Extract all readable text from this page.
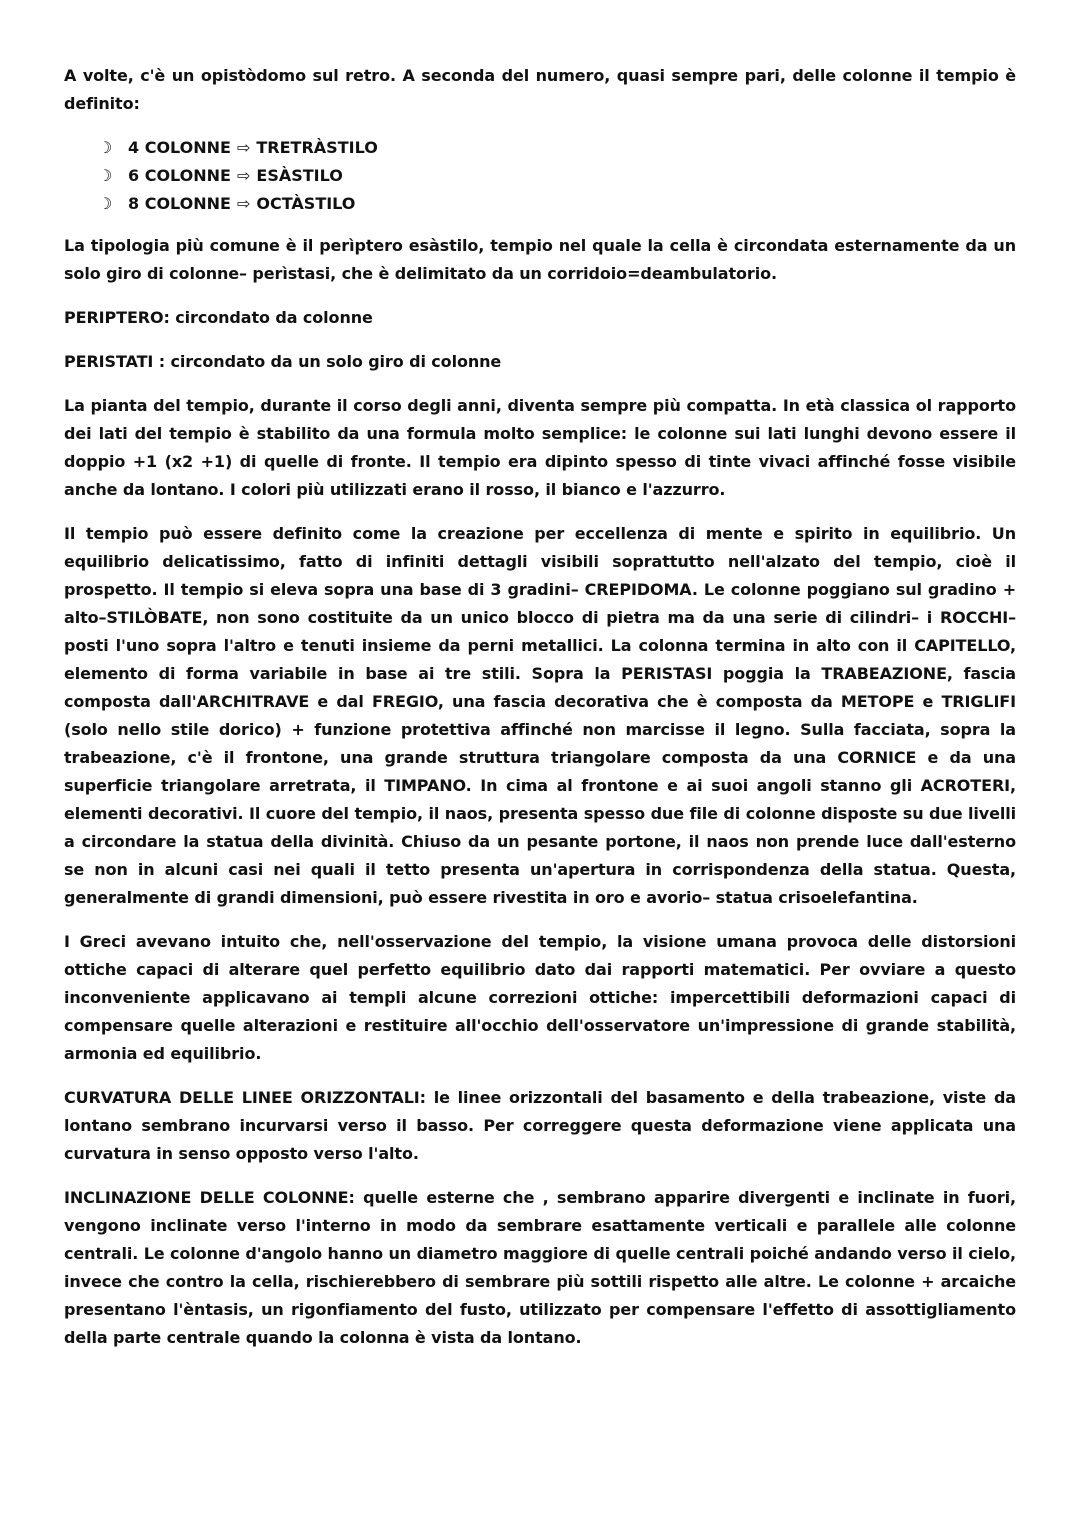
A volte, c'è un opistòdomo sul retro. A seconda del numero, quasi sempre pari, delle colonne il tempio è definito:

☽ 4 COLONNE ⇨ TRETRÀSTILO
☽ 6 COLONNE ⇨ ESÀSTILO
☽ 8 COLONNE ⇨ OCTÀSTILO

La tipologia più comune è il perìptero esàstilo, tempio nel quale la cella è circondata esternamente da un solo giro di colonne– perìstasi, che è delimitato da un corridoio=deambulatorio.

PERIPTERO: circondato da colonne

PERISTATI : circondato da un solo giro di colonne

La pianta del tempio, durante il corso degli anni, diventa sempre più compatta. In età classica ol rapporto dei lati del tempio è stabilito da una formula molto semplice: le colonne sui lati lunghi devono essere il doppio +1 (x2 +1) di quelle di fronte. Il tempio era dipinto spesso di tinte vivaci affinché fosse visibile anche da lontano. I colori più utilizzati erano il rosso, il bianco e l'azzurro.

Il tempio può essere definito come la creazione per eccellenza di mente e spirito in equilibrio. Un equilibrio delicatissimo, fatto di infiniti dettagli visibili soprattutto nell'alzato del tempio, cioè il prospetto. Il tempio si eleva sopra una base di 3 gradini– CREPIDOMA. Le colonne poggiano sul gradino + alto–STILÒBATE, non sono costituite da un unico blocco di pietra ma da una serie di cilindri– i ROCCHI– posti l'uno sopra l'altro e tenuti insieme da perni metallici. La colonna termina in alto con il CAPITELLO, elemento di forma variabile in base ai tre stili. Sopra la PERISTASI poggia la TRABEAZIONE, fascia composta dall'ARCHITRAVE e dal FREGIO, una fascia decorativa che è composta da METOPE e TRIGLIFI (solo nello stile dorico) + funzione protettiva affinché non marcisse il legno. Sulla facciata, sopra la trabeazione, c'è il frontone, una grande struttura triangolare composta da una CORNICE e da una superficie triangolare arretrata, il TIMPANO. In cima al frontone e ai suoi angoli stanno gli ACROTERI, elementi decorativi. Il cuore del tempio, il naos, presenta spesso due file di colonne disposte su due livelli a circondare la statua della divinità. Chiuso da un pesante portone, il naos non prende luce dall'esterno se non in alcuni casi nei quali il tetto presenta un'apertura in corrispondenza della statua. Questa, generalmente di grandi dimensioni, può essere rivestita in oro e avorio– statua crisoelefantina.

I Greci avevano intuito che, nell'osservazione del tempio, la visione umana provoca delle distorsioni ottiche capaci di alterare quel perfetto equilibrio dato dai rapporti matematici. Per ovviare a questo inconveniente applicavano ai templi alcune correzioni ottiche: impercettibili deformazioni capaci di compensare quelle alterazioni e restituire all'occhio dell'osservatore un'impressione di grande stabilità, armonia ed equilibrio.

CURVATURA DELLE LINEE ORIZZONTALI: le linee orizzontali del basamento e della trabeazione, viste da lontano sembrano incurvarsi verso il basso. Per correggere questa deformazione viene applicata una curvatura in senso opposto verso l'alto.

INCLINAZIONE DELLE COLONNE: quelle esterne che , sembrano apparire divergenti e inclinate in fuori, vengono inclinate verso l'interno in modo da sembrare esattamente verticali e parallele alle colonne centrali. Le colonne d'angolo hanno un diametro maggiore di quelle centrali poiché andando verso il cielo, invece che contro la cella, rischierebbero di sembrare più sottili rispetto alle altre. Le colonne + arcaiche presentano l'èntasis, un rigonfiamento del fusto, utilizzato per compensare l'effetto di assottigliamento della parte centrale quando la colonna è vista da lontano.
